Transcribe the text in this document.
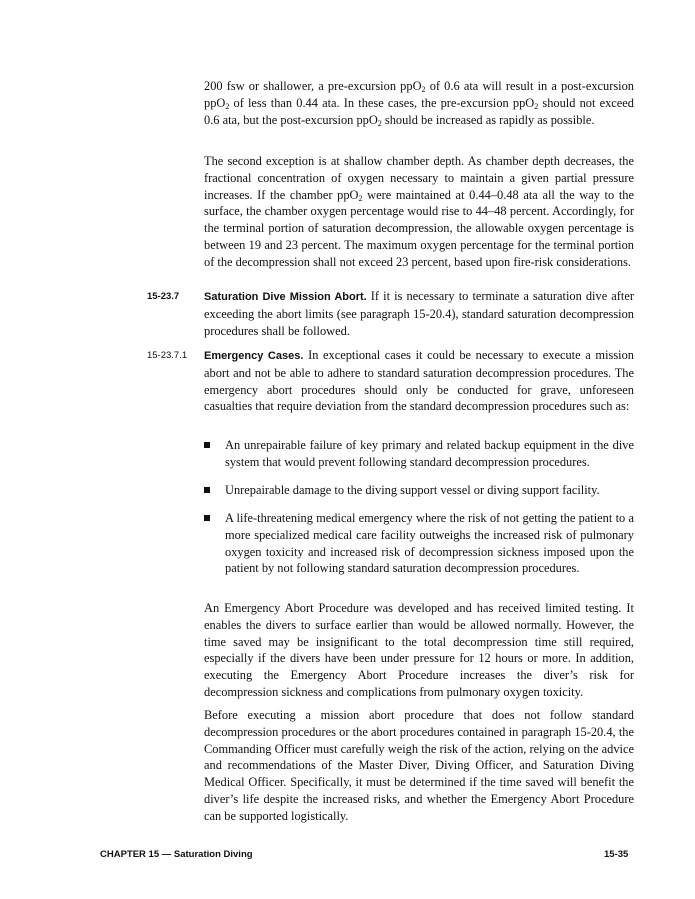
200 fsw or shallower, a pre-excursion ppO$_2$ of 0.6 ata will result in a post-excursion ppO$_2$ of less than 0.44 ata. In these cases, the pre-excursion ppO$_2$ should not exceed 0.6 ata, but the post-excursion ppO$_2$ should be increased as rapidly as possible.

The second exception is at shallow chamber depth. As chamber depth decreases, the fractional concentration of oxygen necessary to maintain a given partial pressure increases. If the chamber ppO$_2$ were maintained at 0.44–0.48 ata all the way to the surface, the chamber oxygen percentage would rise to 44–48 percent. Accordingly, for the terminal portion of saturation decompression, the allowable oxygen percentage is between 19 and 23 percent. The maximum oxygen percentage for the terminal portion of the decompression shall not exceed 23 percent, based upon fire-risk considerations.

15-23.7 Saturation Dive Mission Abort. If it is necessary to terminate a saturation dive after exceeding the abort limits (see paragraph 15-20.4), standard saturation decompression procedures shall be followed.

15-23.7.1 Emergency Cases. In exceptional cases it could be necessary to execute a mission abort and not be able to adhere to standard saturation decompression procedures. The emergency abort procedures should only be conducted for grave, unforeseen casualties that require deviation from the standard decompression procedures such as:

An unrepairable failure of key primary and related backup equipment in the dive system that would prevent following standard decompression procedures.
Unrepairable damage to the diving support vessel or diving support facility.
A life-threatening medical emergency where the risk of not getting the patient to a more specialized medical care facility outweighs the increased risk of pulmonary oxygen toxicity and increased risk of decompression sickness imposed upon the patient by not following standard saturation decompression procedures.

An Emergency Abort Procedure was developed and has received limited testing. It enables the divers to surface earlier than would be allowed normally. However, the time saved may be insignificant to the total decompression time still required, especially if the divers have been under pressure for 12 hours or more. In addition, executing the Emergency Abort Procedure increases the diver’s risk for decompression sickness and complications from pulmonary oxygen toxicity.

Before executing a mission abort procedure that does not follow standard decompression procedures or the abort procedures contained in paragraph 15-20.4, the Commanding Officer must carefully weigh the risk of the action, relying on the advice and recommendations of the Master Diver, Diving Officer, and Saturation Diving Medical Officer. Specifically, it must be determined if the time saved will benefit the diver’s life despite the increased risks, and whether the Emergency Abort Procedure can be supported logistically.

CHAPTER 15 — Saturation Diving	15-35
